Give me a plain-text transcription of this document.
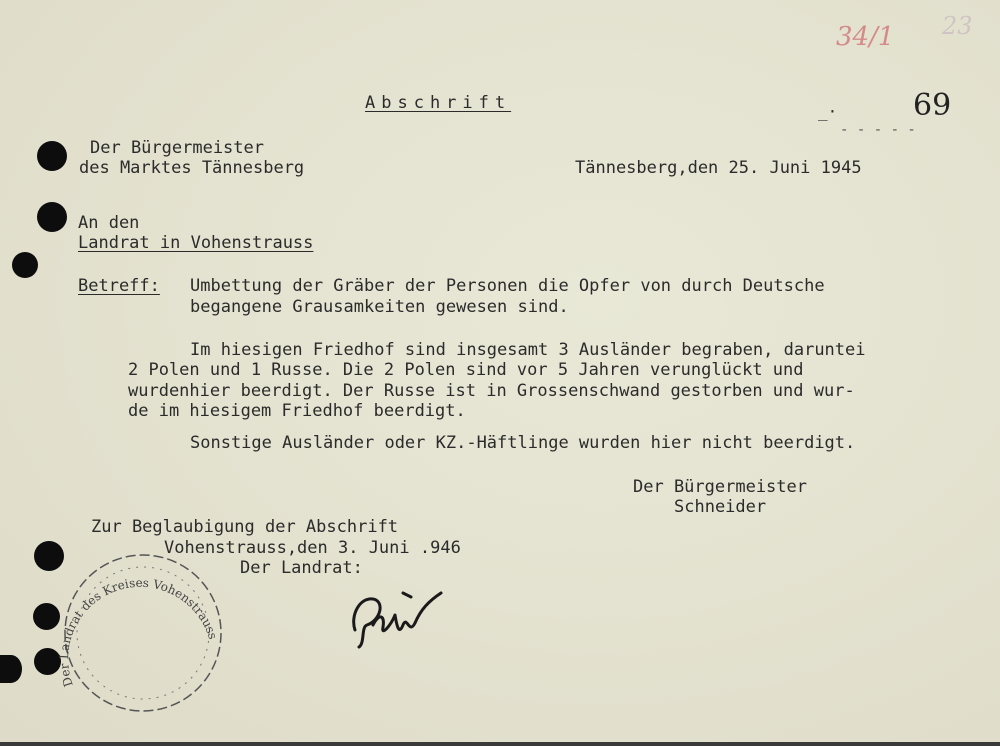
34/1 23
Abschrift	_·	69
- - - - -
Der Bürgermeister
des Marktes Tännesberg	Tännesberg,den 25. Juni 1945
An den
Landrat in Vohenstrauss
Betreff: Umbettung der Gräber der Personen die Opfer von durch Deutsche
begangene Grausamkeiten gewesen sind.
Im hiesigen Friedhof sind insgesamt 3 Ausländer begraben, daruntei
2 Polen und 1 Russe. Die 2 Polen sind vor 5 Jahren verunglückt und
wurdenhier beerdigt. Der Russe ist in Grossenschwand gestorben und wur-
de im hiesigem Friedhof beerdigt.
Sonstige Ausländer oder KZ.-Häftlinge wurden hier nicht beerdigt.
Der Bürgermeister
Schneider
Zur Beglaubigung der Abschrift
Vohenstrauss,den 3. Juni .946
Der Landrat:
Der Landrat des Kreises Vohenstrauss
